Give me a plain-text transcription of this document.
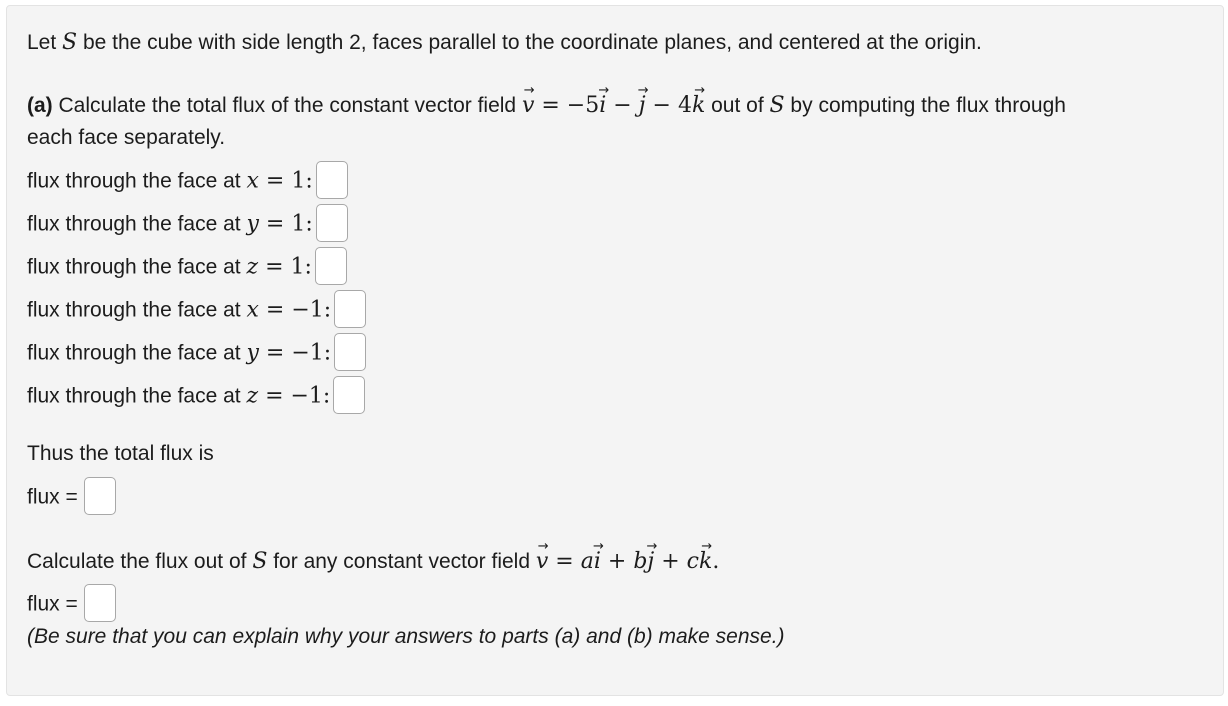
Let S be the cube with side length 2, faces parallel to the coordinate planes, and centered at the origin.
(a) Calculate the total flux of the constant vector field → v = −5→ i − → j − 4→ k out of S by computing the flux through
each face separately.
flux through the face at x = 1:
flux through the face at y = 1:
flux through the face at z = 1:
flux through the face at x = −1:
flux through the face at y = −1:
flux through the face at z = −1:
Thus the total flux is
flux =
Calculate the flux out of S for any constant vector field → v = a→ i + b→ j + c→ k.
flux =
(Be sure that you can explain why your answers to parts (a) and (b) make sense.)
